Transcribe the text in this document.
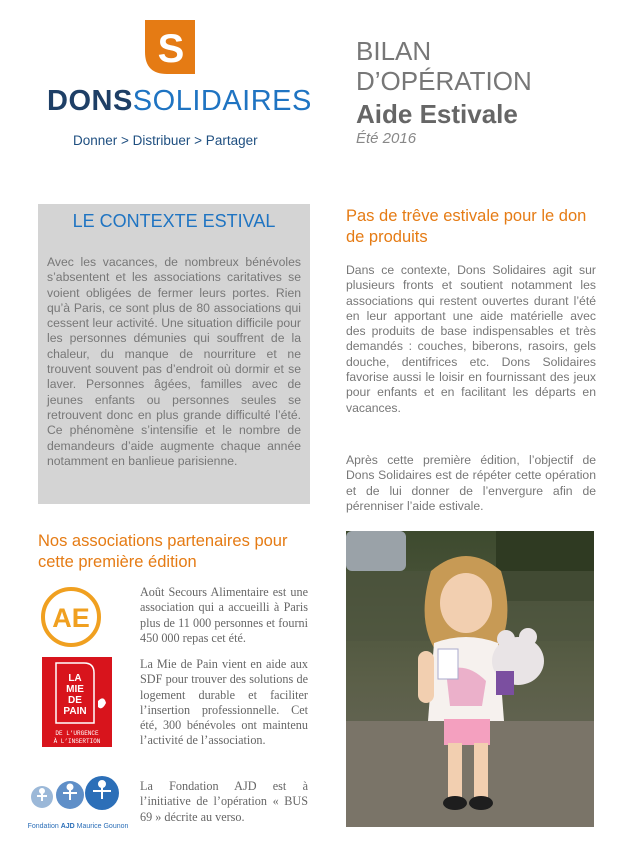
S
DONSSOLIDAIRES
Donner > Distribuer > Partager
BILAN
D’OPÉRATION
Aide Estivale
Été 2016
LE CONTEXTE ESTIVAL
Avec les vacances, de nombreux bénévoles s’absentent et les associations caritatives se voient obligées de fermer leurs portes. Rien qu’à Paris, ce sont plus de 80 associations qui cessent leur activité. Une situation difficile pour les personnes démunies qui souffrent de la chaleur, du manque de nourriture et ne trouvent souvent pas d’endroit où dormir et se laver. Personnes âgées, familles avec de jeunes enfants ou personnes seules se retrouvent donc en plus grande difficulté l’été. Ce phénomène s’intensifie et le nombre de demandeurs d’aide augmente chaque année notamment en banlieue parisienne.
Nos associations partenaires pour cette première édition
AE
Août Secours Alimentaire est une association qui a accueilli à Paris plus de 11 000 personnes et fourni 450 000 repas cet été.
LA
MIE
DE
PAIN
DE L’URGENCE
À L’INSERTION
La Mie de Pain vient en aide aux SDF pour trouver des solutions de logement durable et faciliter l’insertion professionnelle. Cet été, 300 bénévoles ont maintenu l’activité de l’association.
Fondation AJD Maurice Gounon
La Fondation AJD est à l’initiative de l’opération « BUS 69 » décrite au verso.
Pas de trêve estivale pour le don de produits
Dans ce contexte, Dons Solidaires agit sur plusieurs fronts et soutient notamment les associations qui restent ouvertes durant l’été en leur apportant une aide matérielle avec des produits de base indispensables et très demandés : couches, biberons, rasoirs, gels douche, dentifrices etc. Dons Solidaires favorise aussi le loisir en fournissant des jeux pour enfants et en facilitant les départs en vacances.
Après cette première édition, l’objectif de Dons Solidaires est de répéter cette opération et de lui donner de l’envergure afin de pérenniser l’aide estivale.
